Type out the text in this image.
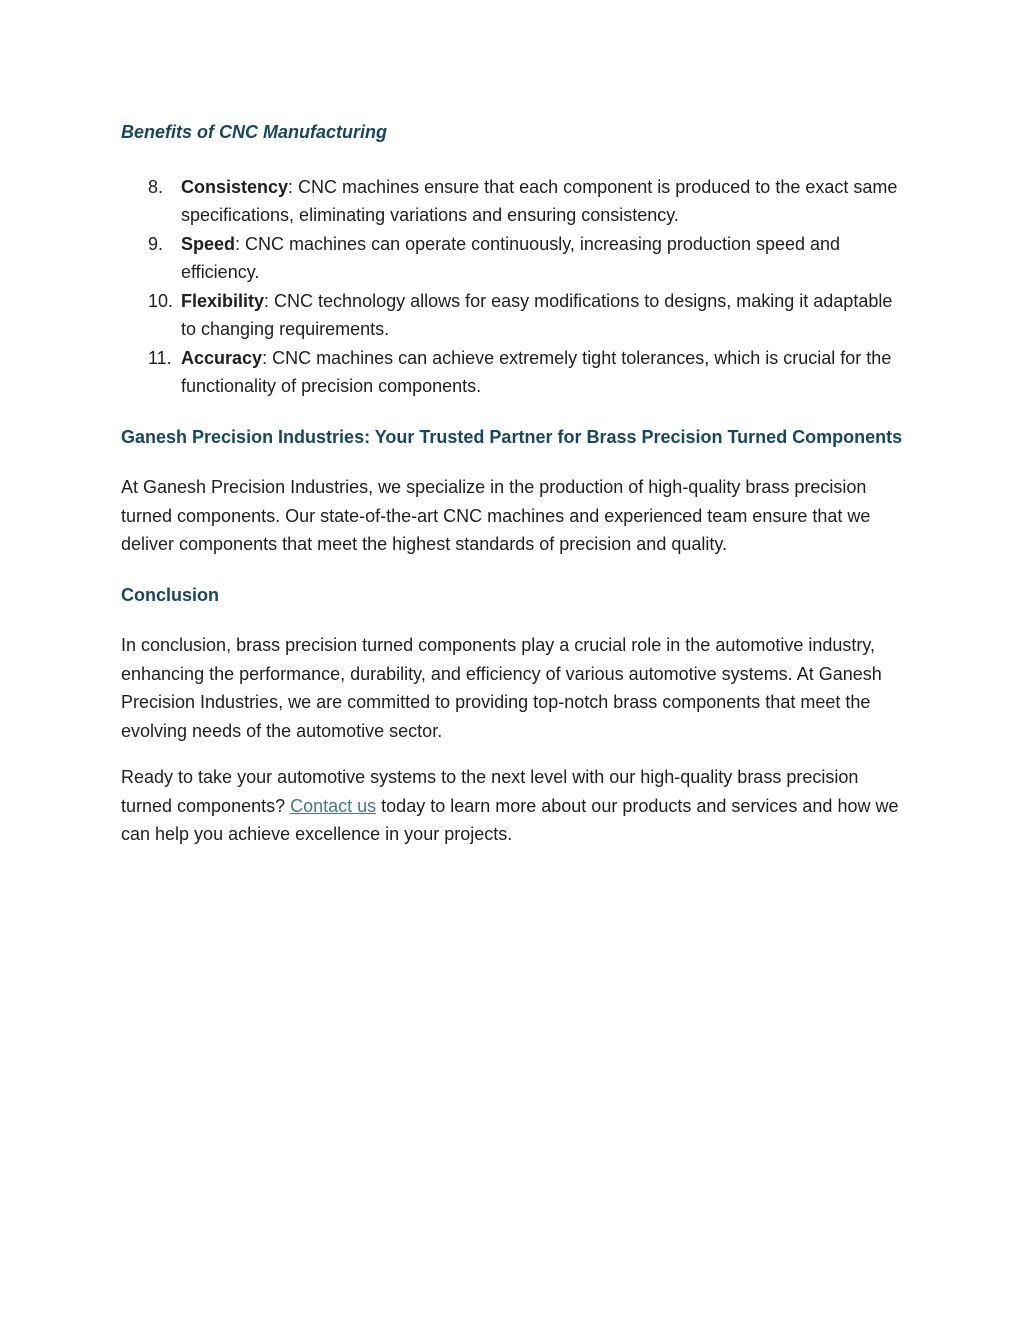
Benefits of CNC Manufacturing
8. Consistency: CNC machines ensure that each component is produced to the exact same specifications, eliminating variations and ensuring consistency.
9. Speed: CNC machines can operate continuously, increasing production speed and efficiency.
10. Flexibility: CNC technology allows for easy modifications to designs, making it adaptable to changing requirements.
11. Accuracy: CNC machines can achieve extremely tight tolerances, which is crucial for the functionality of precision components.
Ganesh Precision Industries: Your Trusted Partner for Brass Precision Turned Components

At Ganesh Precision Industries, we specialize in the production of high-quality brass precision turned components. Our state-of-the-art CNC machines and experienced team ensure that we deliver components that meet the highest standards of precision and quality.

Conclusion

In conclusion, brass precision turned components play a crucial role in the automotive industry, enhancing the performance, durability, and efficiency of various automotive systems. At Ganesh Precision Industries, we are committed to providing top-notch brass components that meet the evolving needs of the automotive sector.

Ready to take your automotive systems to the next level with our high-quality brass precision turned components? Contact us today to learn more about our products and services and how we can help you achieve excellence in your projects.
